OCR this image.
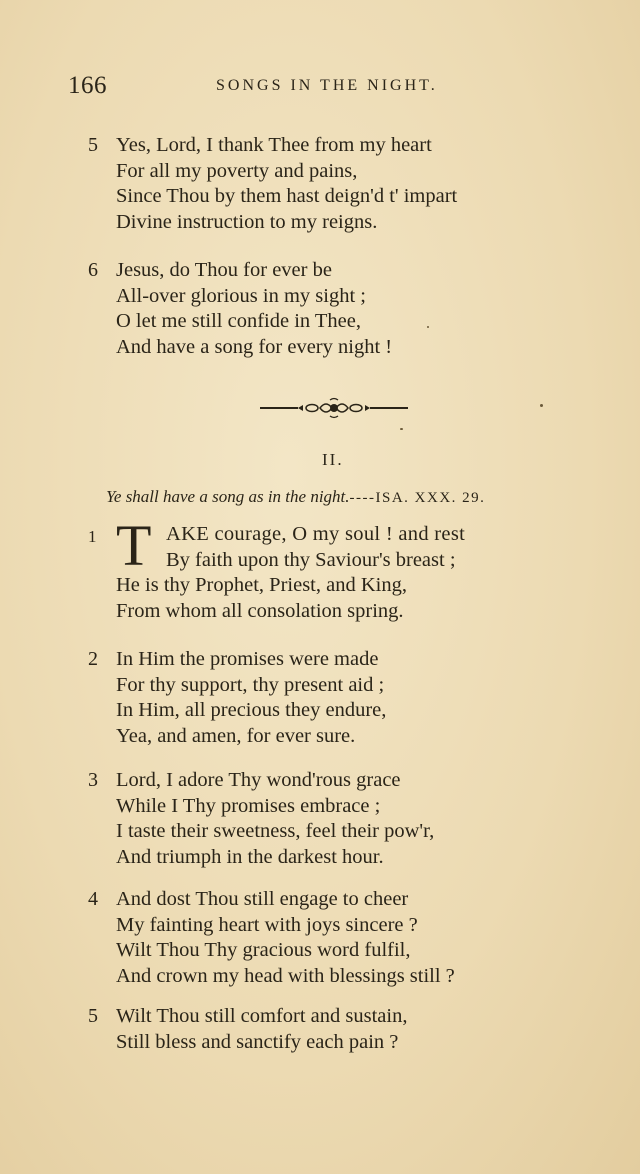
166	SONGS IN THE NIGHT.
5 Yes, Lord, I thank Thee from my heart
For all my poverty and pains,
Since Thou by them hast deign'd t' impart
Divine instruction to my reigns.
6 Jesus, do Thou for ever be
All-over glorious in my sight ;
O let me still confide in Thee,
And have a song for every night !
II.
Ye shall have a song as in the night.----ISA. XXX. 29.
1 T AKE courage, O my soul ! and rest
By faith upon thy Saviour's breast ;
He is thy Prophet, Priest, and King,
From whom all consolation spring.
2 In Him the promises were made
For thy support, thy present aid ;
In Him, all precious they endure,
Yea, and amen, for ever sure.
3 Lord, I adore Thy wond'rous grace
While I Thy promises embrace ;
I taste their sweetness, feel their pow'r,
And triumph in the darkest hour.
4 And dost Thou still engage to cheer
My fainting heart with joys sincere ?
Wilt Thou Thy gracious word fulfil,
And crown my head with blessings still ?
5 Wilt Thou still comfort and sustain,
Still bless and sanctify each pain ?
